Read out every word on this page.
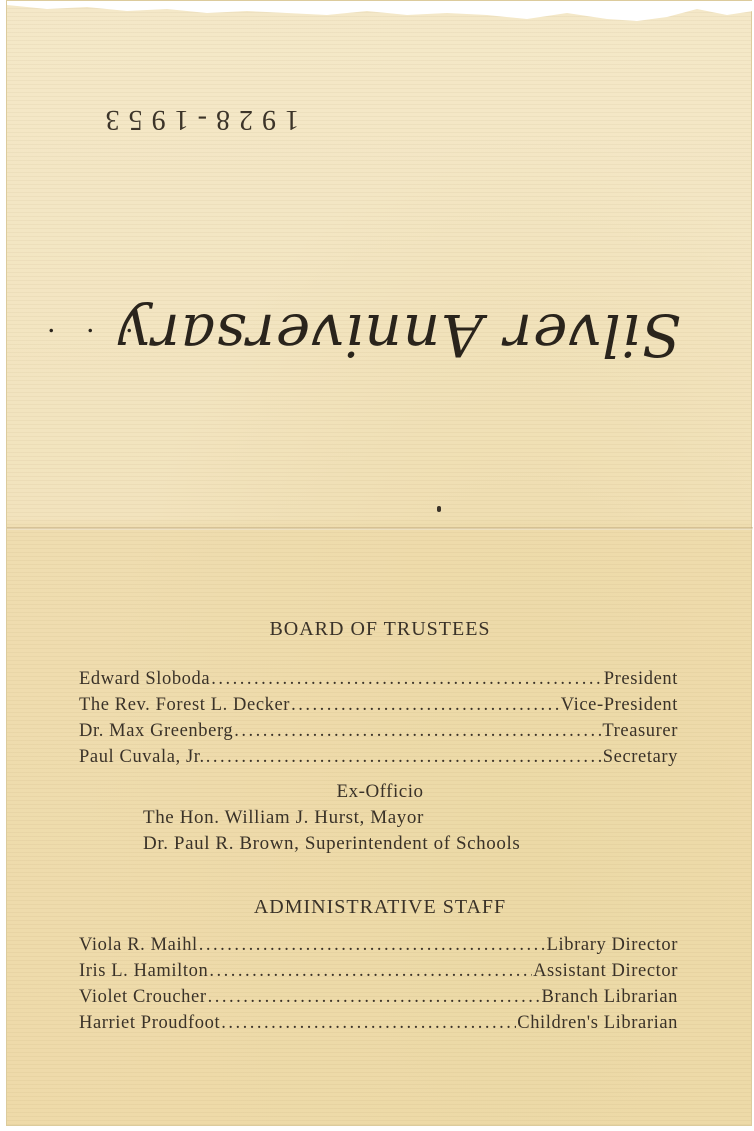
1928-1953
Silver
Anniversary
. . .
BOARD OF TRUSTEES
Edward Sloboda .....	President
The Rev. Forest L. Decker .....	Vice-President
Dr. Max Greenberg .....	Treasurer
Paul Cuvala, Jr. .....	Secretary
Ex-Officio
The Hon. William J. Hurst, Mayor
Dr. Paul R. Brown, Superintendent of Schools
ADMINISTRATIVE STAFF
Viola R. Maihl .....	Library Director
Iris L. Hamilton .....	Assistant Director
Violet Croucher .....	Branch Librarian
Harriet Proudfoot .....	Children's Librarian
